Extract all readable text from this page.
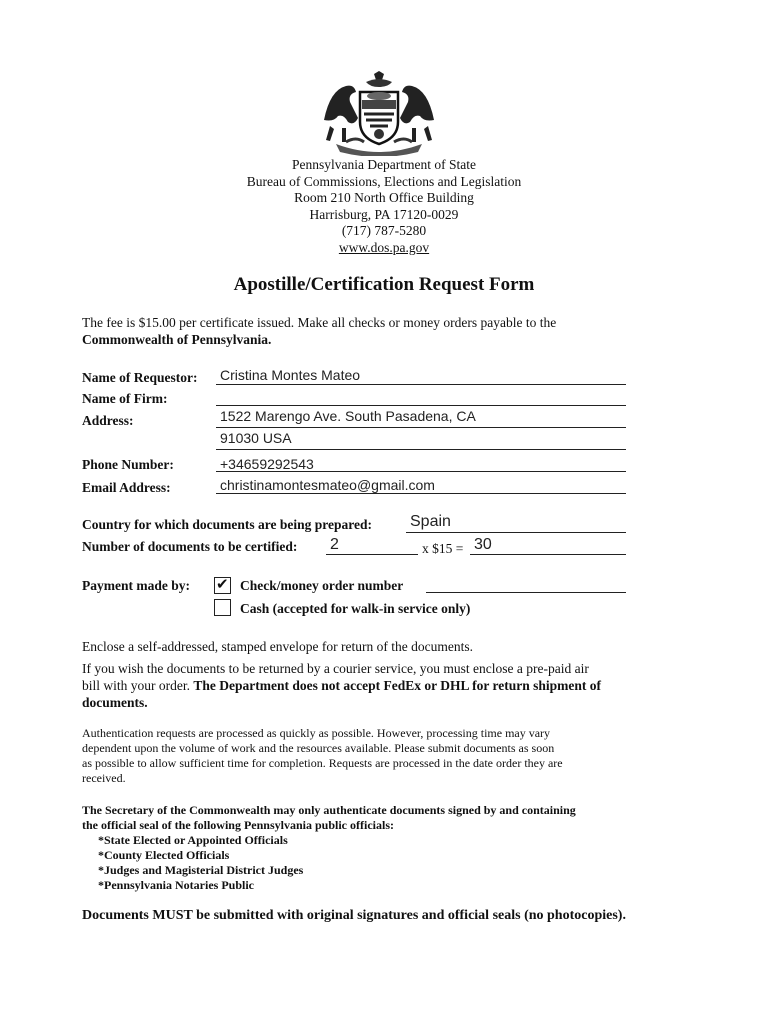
Pennsylvania Department of State
Bureau of Commissions, Elections and Legislation
Room 210 North Office Building
Harrisburg, PA 17120-0029
(717) 787-5280
www.dos.pa.gov
Apostille/Certification Request Form
The fee is $15.00 per certificate issued. Make all checks or money orders payable to the
Commonwealth of Pennsylvania.
Name of Requestor: Cristina Montes Mateo
Name of Firm:
Address:	1522 Marengo Ave. South Pasadena, CA
91030 USA
Phone Number:	+34659292543
Email Address:	christinamontesmateo@gmail.com
Country for which documents are being prepared: Spain
Number of documents to be certified: 2	x $15 = 30
Payment made by: ✔ Check/money order number
Cash (accepted for walk-in service only)
Enclose a self-addressed, stamped envelope for return of the documents.
If you wish the documents to be returned by a courier service, you must enclose a pre-paid air
bill with your order. The Department does not accept FedEx or DHL for return shipment of
documents.
Authentication requests are processed as quickly as possible. However, processing time may vary
dependent upon the volume of work and the resources available. Please submit documents as soon
as possible to allow sufficient time for completion. Requests are processed in the date order they are
received.
The Secretary of the Commonwealth may only authenticate documents signed by and containing
the official seal of the following Pennsylvania public officials:
*State Elected or Appointed Officials
*County Elected Officials
*Judges and Magisterial District Judges
*Pennsylvania Notaries Public
Documents MUST be submitted with original signatures and official seals (no photocopies).
